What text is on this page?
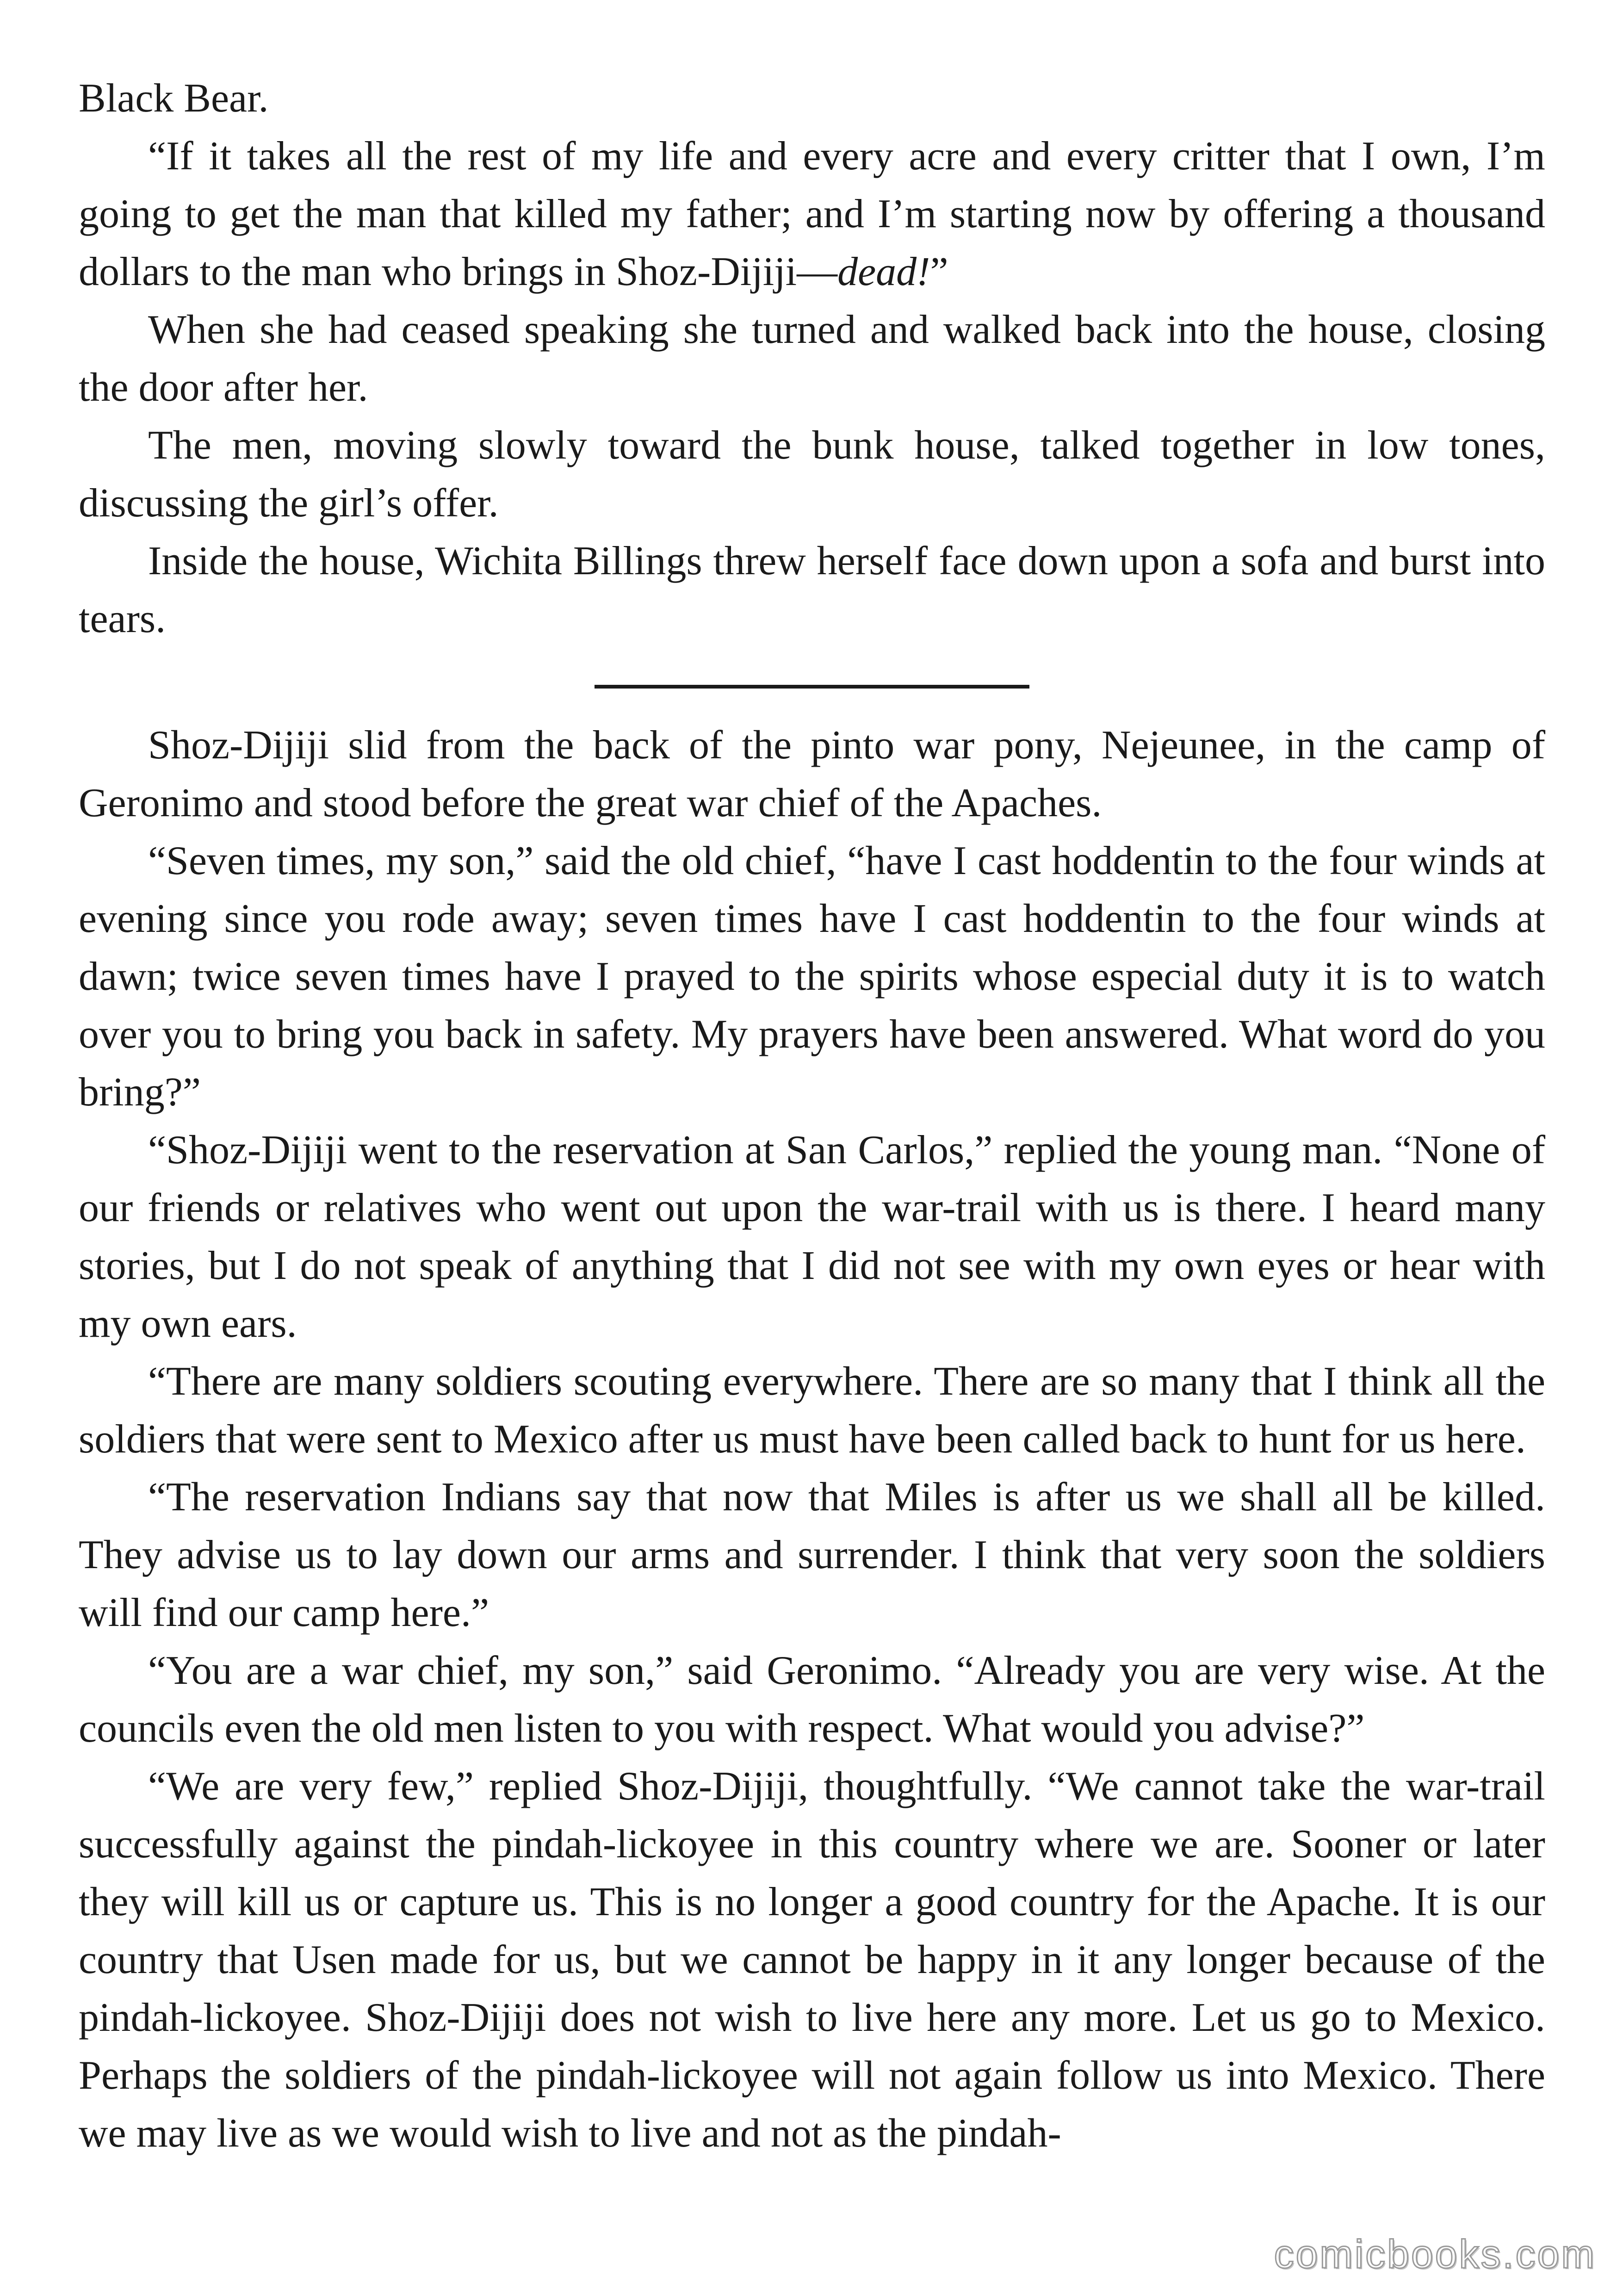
Black Bear.

“If it takes all the rest of my life and every acre and every critter that I own, I’m going to get the man that killed my father; and I’m starting now by offering a thousand dollars to the man who brings in Shoz-Dijiji—dead!”

When she had ceased speaking she turned and walked back into the house, closing the door after her.

The men, moving slowly toward the bunk house, talked together in low tones, discussing the girl’s offer.

Inside the house, Wichita Billings threw herself face down upon a sofa and burst into tears.

Shoz-Dijiji slid from the back of the pinto war pony, Nejeunee, in the camp of Geronimo and stood before the great war chief of the Apaches.

“Seven times, my son,” said the old chief, “have I cast hoddentin to the four winds at evening since you rode away; seven times have I cast hoddentin to the four winds at dawn; twice seven times have I prayed to the spirits whose especial duty it is to watch over you to bring you back in safety. My prayers have been answered. What word do you bring?”

“Shoz-Dijiji went to the reservation at San Carlos,” replied the young man. “None of our friends or relatives who went out upon the war-trail with us is there. I heard many stories, but I do not speak of anything that I did not see with my own eyes or hear with my own ears.

“There are many soldiers scouting everywhere. There are so many that I think all the soldiers that were sent to Mexico after us must have been called back to hunt for us here.

“The reservation Indians say that now that Miles is after us we shall all be killed. They advise us to lay down our arms and surrender. I think that very soon the soldiers will find our camp here.”

“You are a war chief, my son,” said Geronimo. “Already you are very wise. At the councils even the old men listen to you with respect. What would you advise?”

“We are very few,” replied Shoz-Dijiji, thoughtfully. “We cannot take the war-trail successfully against the pindah-lickoyee in this country where we are. Sooner or later they will kill us or capture us. This is no longer a good country for the Apache. It is our country that Usen made for us, but we cannot be happy in it any longer because of the pindah-lickoyee. Shoz-Dijiji does not wish to live here any more. Let us go to Mexico. Perhaps the soldiers of the pindah-lickoyee will not again follow us into Mexico. There we may live as we would wish to live and not as the pindah-

comicbooks.com
